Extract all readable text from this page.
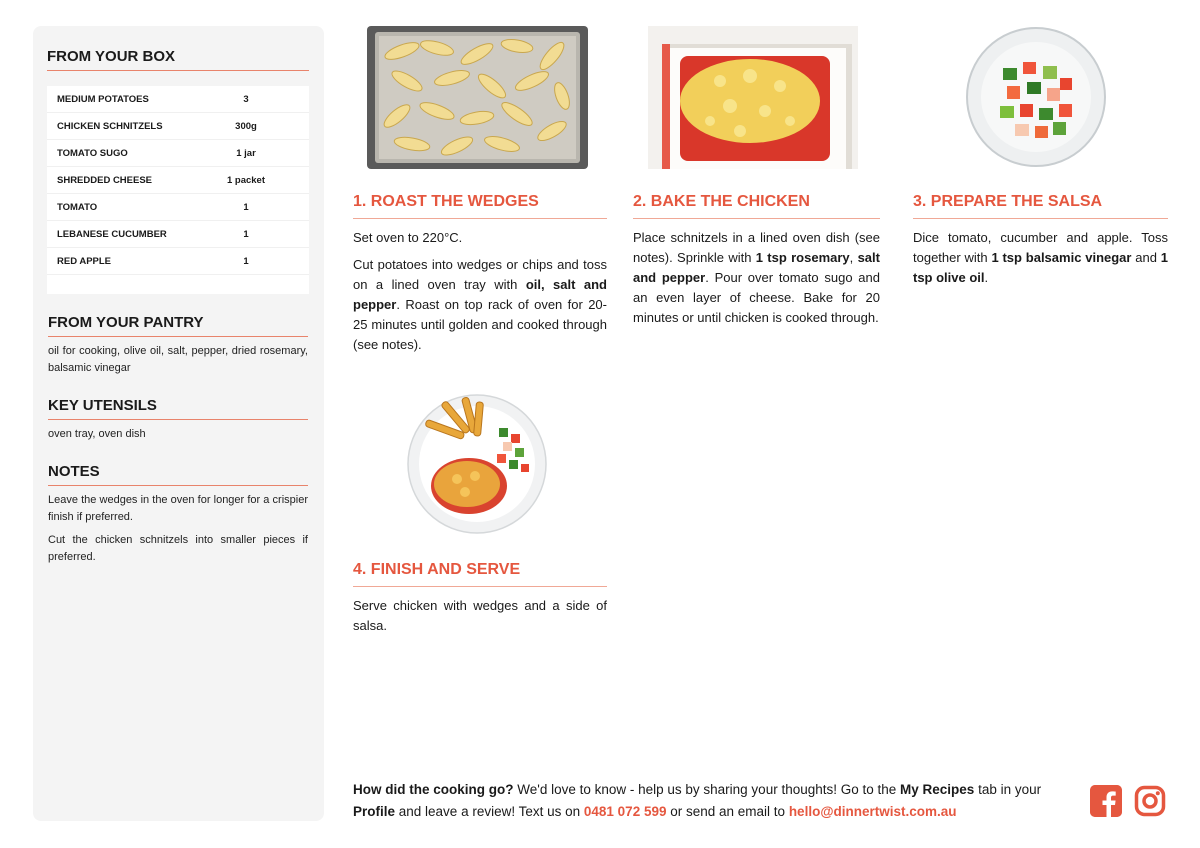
FROM YOUR BOX
MEDIUM POTATOES	3
CHICKEN SCHNITZELS	300g
TOMATO SUGO	1 jar
SHREDDED CHEESE	1 packet
TOMATO	1
LEBANESE CUCUMBER	1
RED APPLE	1
FROM YOUR PANTRY

oil for cooking, olive oil, salt, pepper, dried rosemary, balsamic vinegar

KEY UTENSILS

oven tray, oven dish

NOTES

Leave the wedges in the oven for longer for a crispier finish if preferred.

Cut the chicken schnitzels into smaller pieces if preferred.

1. ROAST THE WEDGES

Set oven to 220°C.

Cut potatoes into wedges or chips and toss on a lined oven tray with oil, salt and pepper. Roast on top rack of oven for 20-25 minutes until golden and cooked through (see notes).

2. BAKE THE CHICKEN

Place schnitzels in a lined oven dish (see notes). Sprinkle with 1 tsp rosemary, salt and pepper. Pour over tomato sugo and an even layer of cheese. Bake for 20 minutes or until chicken is cooked through.

3. PREPARE THE SALSA

Dice tomato, cucumber and apple. Toss together with 1 tsp balsamic vinegar and 1 tsp olive oil.

4. FINISH AND SERVE

Serve chicken with wedges and a side of salsa.

How did the cooking go? We'd love to know - help us by sharing your thoughts! Go to the My Recipes tab in your Profile and leave a review! Text us on 0481 072 599 or send an email to hello@dinnertwist.com.au
